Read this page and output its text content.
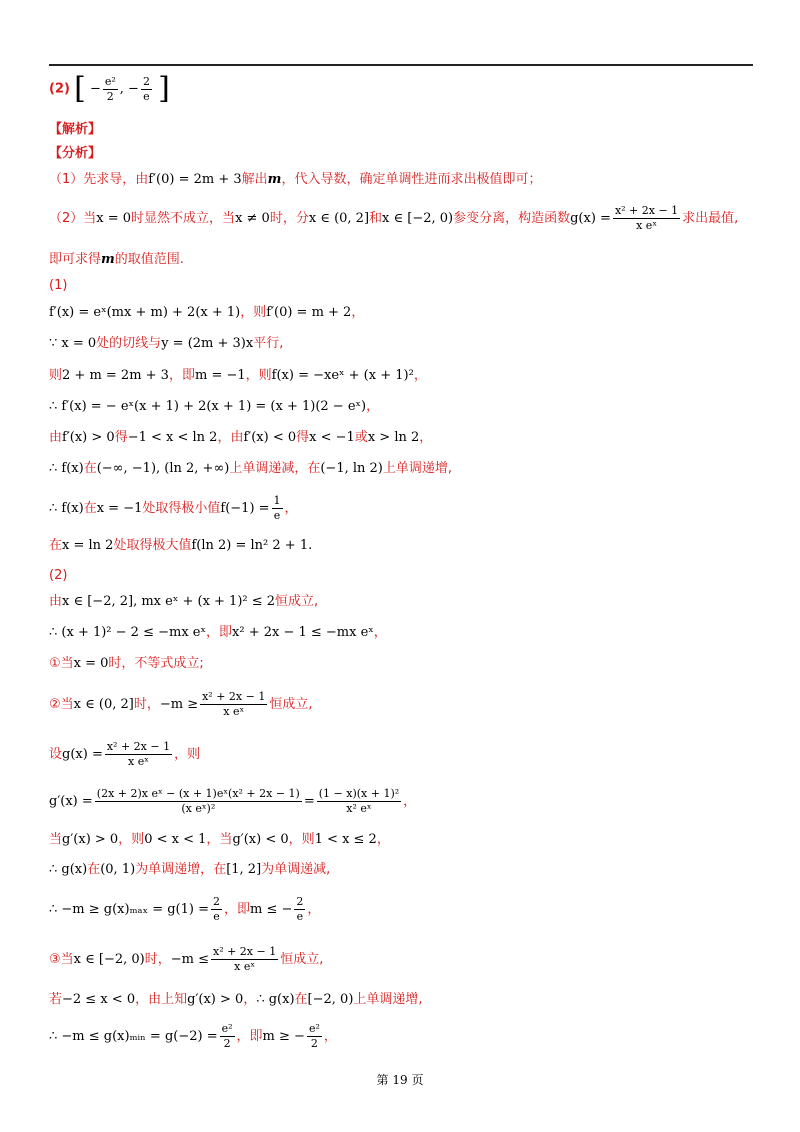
(2) [ − $\frac{\text{e²}}{2}$ , − $\frac{2}{e}$ ]
【解析】
【分析】
（1）先求导，由f′(0) = 2m + 3解出m，代入导数，确定单调性进而求出极值即可；
（2）当x = 0时显然不成立，当x ≠ 0时，分x ∈ (0, 2]和x ∈ [−2, 0)参变分离，构造函数$g(x) = \frac{\text{x² + 2x − 1}}{\text{x eˣ}}$ 求出最值,
即可求得m的取值范围.
(1)
f′(x) = eˣ(mx + m) + 2(x + 1)，则f′(0) = m + 2，
∵ x = 0处的切线与y = (2m + 3)x平行,
则2 + m = 2m + 3，即m = −1，则f(x) = −xeˣ + (x + 1)²，
∴ f′(x) = − eˣ(x + 1) + 2(x + 1) = (x + 1)(2 − eˣ)，
由f′(x) > 0得−1 < x < ln 2，由f′(x) < 0得x < −1或x > ln 2，
∴ f(x)在(−∞, −1), (ln 2, +∞)上单调递减，在(−1, ln 2)上单调递增,
∴ f(x)在x = −1处取得极小值$f(-1) = \frac{1}{e}$ ，
在x = ln 2处取得极大值f(ln 2) = ln² 2 + 1.
(2)
由x ∈ [−2, 2], mx eˣ + (x + 1)² ≤ 2恒成立,
∴ (x + 1)² − 2 ≤ −mx eˣ，即x² + 2x − 1 ≤ −mx eˣ，
①当x = 0时，不等式成立;
②当x ∈ (0, 2]时，$-m \ge \frac{\text{x² + 2x − 1}}{\text{x eˣ}}$ 恒成立,
设$g(x) = \frac{\text{x² + 2x − 1}}{\text{x eˣ}}$ ，则
$g'(x) = \frac{\text{(2x + 2)x eˣ − (x + 1)eˣ(x² + 2x − 1)}}{\text{(x eˣ)²}} = \frac{\text{(1 − x)(x + 1)²}}{\text{x² eˣ}}$ ，
当g′(x) > 0，则0 < x < 1，当g′(x) < 0，则1 < x ≤ 2，
∴ g(x)在(0, 1)为单调递增，在[1, 2]为单调递减,
∴ $-m \ge g(x)_{max} = g(1) = \frac{2}{e}$ ，即m ≤ − $\frac{2}{e}$ ，
③当x ∈ [−2, 0)时，$-m \le \frac{\text{x² + 2x − 1}}{\text{x eˣ}}$ 恒成立,
若−2 ≤ x < 0，由上知g′(x) > 0，∴ g(x)在[−2, 0)上单调递增,
∴ −m ≤ g(x)ₘᵢₙ = $g(-2) = \frac{\text{e²}}{2}$ ，即m ≥ − $\frac{\text{e²}}{2}$ ，
第 19 页
